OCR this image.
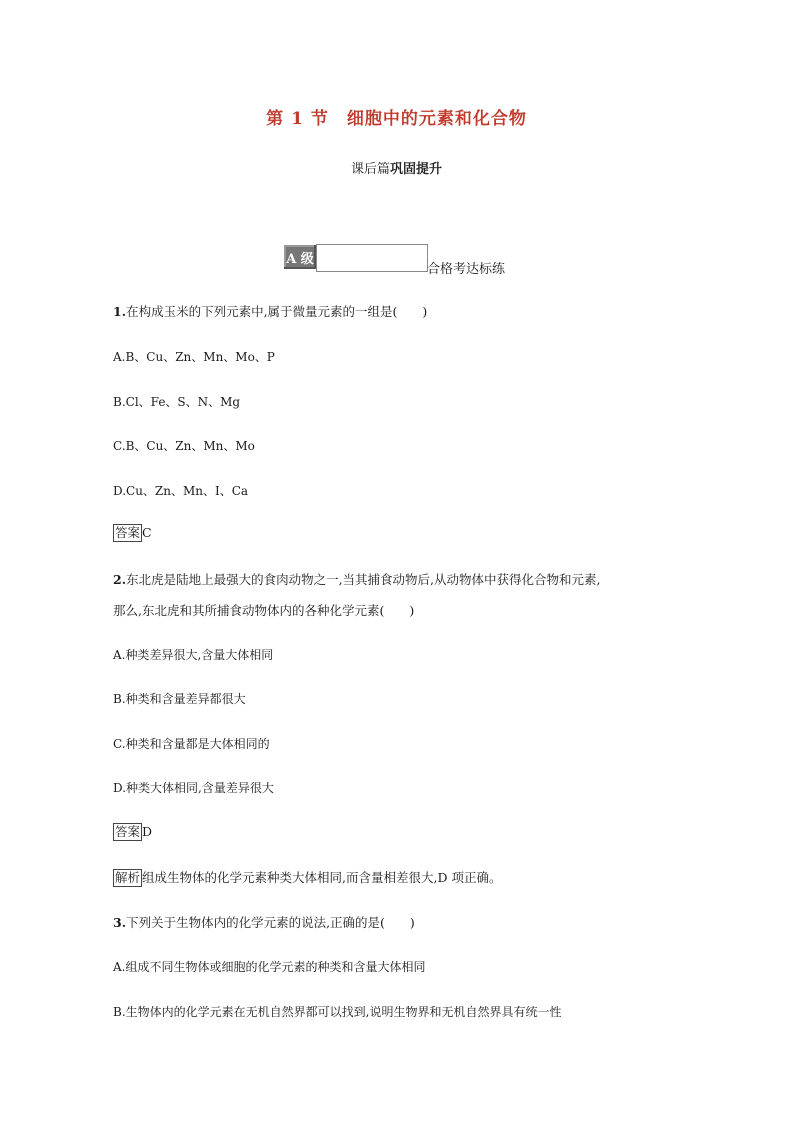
第 1 节　细胞中的元素和化合物
课后篇巩固提升
A 级
合格考达标练
1.在构成玉米的下列元素中,属于微量元素的一组是(　　)
A.B、Cu、Zn、Mn、Mo、P
B.Cl、Fe、S、N、Mg
C.B、Cu、Zn、Mn、Mo
D.Cu、Zn、Mn、I、Ca
答案 C
2.东北虎是陆地上最强大的食肉动物之一,当其捕食动物后,从动物体中获得化合物和元素,
那么,东北虎和其所捕食动物体内的各种化学元素(　　)
A.种类差异很大,含量大体相同
B.种类和含量差异都很大
C.种类和含量都是大体相同的
D.种类大体相同,含量差异很大
答案 D
解析 组成生物体的化学元素种类大体相同,而含量相差很大,D 项正确。
3.下列关于生物体内的化学元素的说法,正确的是(　　)
A.组成不同生物体或细胞的化学元素的种类和含量大体相同
B.生物体内的化学元素在无机自然界都可以找到,说明生物界和无机自然界具有统一性
